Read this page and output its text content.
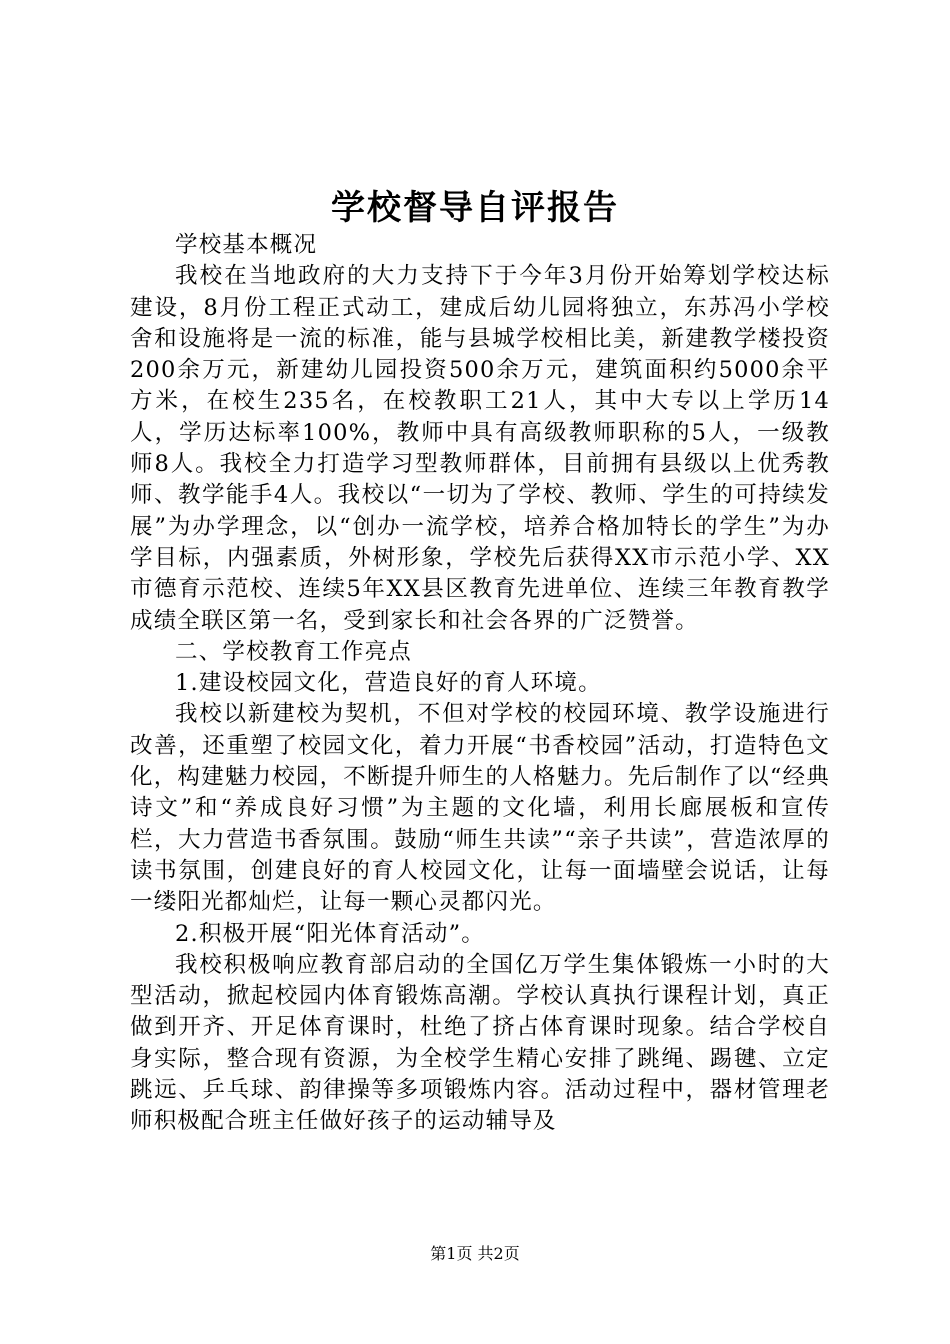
学校督导自评报告

学校基本概况

我校在当地政府的大力支持下于今年3月份开始筹划学校达标建设，8月份工程正式动工，建成后幼儿园将独立，东苏冯小学校舍和设施将是一流的标准，能与县城学校相比美，新建教学楼投资200余万元，新建幼儿园投资500余万元，建筑面积约5000余平方米，在校生235名，在校教职工21人，其中大专以上学历14人，学历达标率100%，教师中具有高级教师职称的5人，一级教师8人。我校全力打造学习型教师群体，目前拥有县级以上优秀教师、教学能手4人。我校以“一切为了学校、教师、学生的可持续发展”为办学理念，以“创办一流学校，培养合格加特长的学生”为办学目标，内强素质，外树形象，学校先后获得XX市示范小学、XX市德育示范校、连续5年XX县区教育先进单位、连续三年教育教学成绩全联区第一名，受到家长和社会各界的广泛赞誉。

二、学校教育工作亮点

1.建设校园文化，营造良好的育人环境。

我校以新建校为契机，不但对学校的校园环境、教学设施进行改善，还重塑了校园文化，着力开展“书香校园”活动，打造特色文化，构建魅力校园，不断提升师生的人格魅力。先后制作了以“经典诗文”和“养成良好习惯”为主题的文化墙，利用长廊展板和宣传栏，大力营造书香氛围。鼓励“师生共读”“亲子共读”，营造浓厚的读书氛围，创建良好的育人校园文化，让每一面墙壁会说话，让每一缕阳光都灿烂，让每一颗心灵都闪光。

2.积极开展“阳光体育活动”。

我校积极响应教育部启动的全国亿万学生集体锻炼一小时的大型活动，掀起校园内体育锻炼高潮。学校认真执行课程计划，真正做到开齐、开足体育课时，杜绝了挤占体育课时现象。结合学校自身实际，整合现有资源，为全校学生精心安排了跳绳、踢毽、立定跳远、乒乓球、韵律操等多项锻炼内容。活动过程中，器材管理老师积极配合班主任做好孩子的运动辅导及

第1页 共2页
